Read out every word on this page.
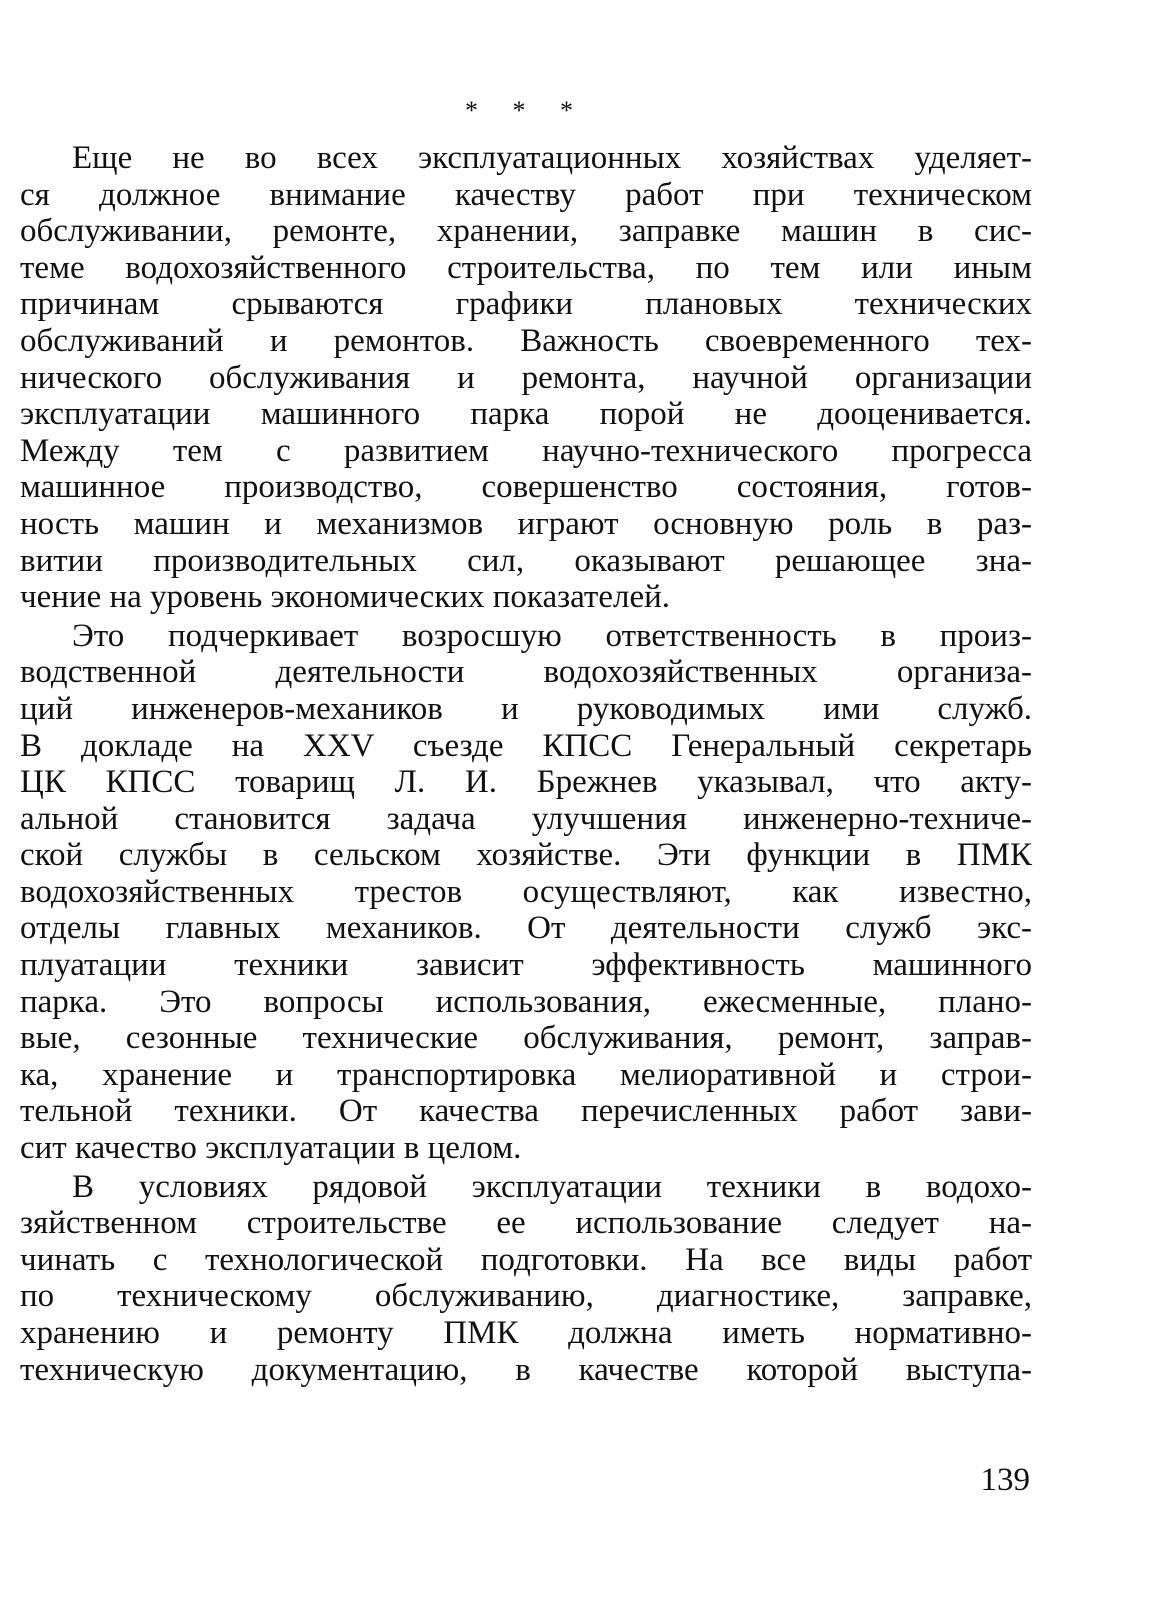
* * *
Еще не во всех эксплуатационных хозяйствах уделяет-
ся должное внимание качеству работ при техническом
обслуживании, ремонте, хранении, заправке машин в сис-
теме водохозяйственного строительства, по тем или иным
причинам срываются графики плановых технических
обслуживаний и ремонтов. Важность своевременного тех-
нического обслуживания и ремонта, научной организации
эксплуатации машинного парка порой не дооценивается.
Между тем с развитием научно-технического прогресса
машинное производство, совершенство состояния, готов-
ность машин и механизмов играют основную роль в раз-
витии производительных сил, оказывают решающее зна-
чение на уровень экономических показателей.
Это подчеркивает возросшую ответственность в произ-
водственной деятельности водохозяйственных организа-
ций инженеров-механиков и руководимых ими служб.
В докладе на XXV съезде КПСС Генеральный секретарь
ЦК КПСС товарищ Л. И. Брежнев указывал, что акту-
альной становится задача улучшения инженерно-техниче-
ской службы в сельском хозяйстве. Эти функции в ПМК
водохозяйственных трестов осуществляют, как известно,
отделы главных механиков. От деятельности служб экс-
плуатации техники зависит эффективность машинного
парка. Это вопросы использования, ежесменные, плано-
вые, сезонные технические обслуживания, ремонт, заправ-
ка, хранение и транспортировка мелиоративной и строи-
тельной техники. От качества перечисленных работ зави-
сит качество эксплуатации в целом.
В условиях рядовой эксплуатации техники в водохо-
зяйственном строительстве ее использование следует на-
чинать с технологической подготовки. На все виды работ
по техническому обслуживанию, диагностике, заправке,
хранению и ремонту ПМК должна иметь нормативно-
техническую документацию, в качестве которой выступа-
139
